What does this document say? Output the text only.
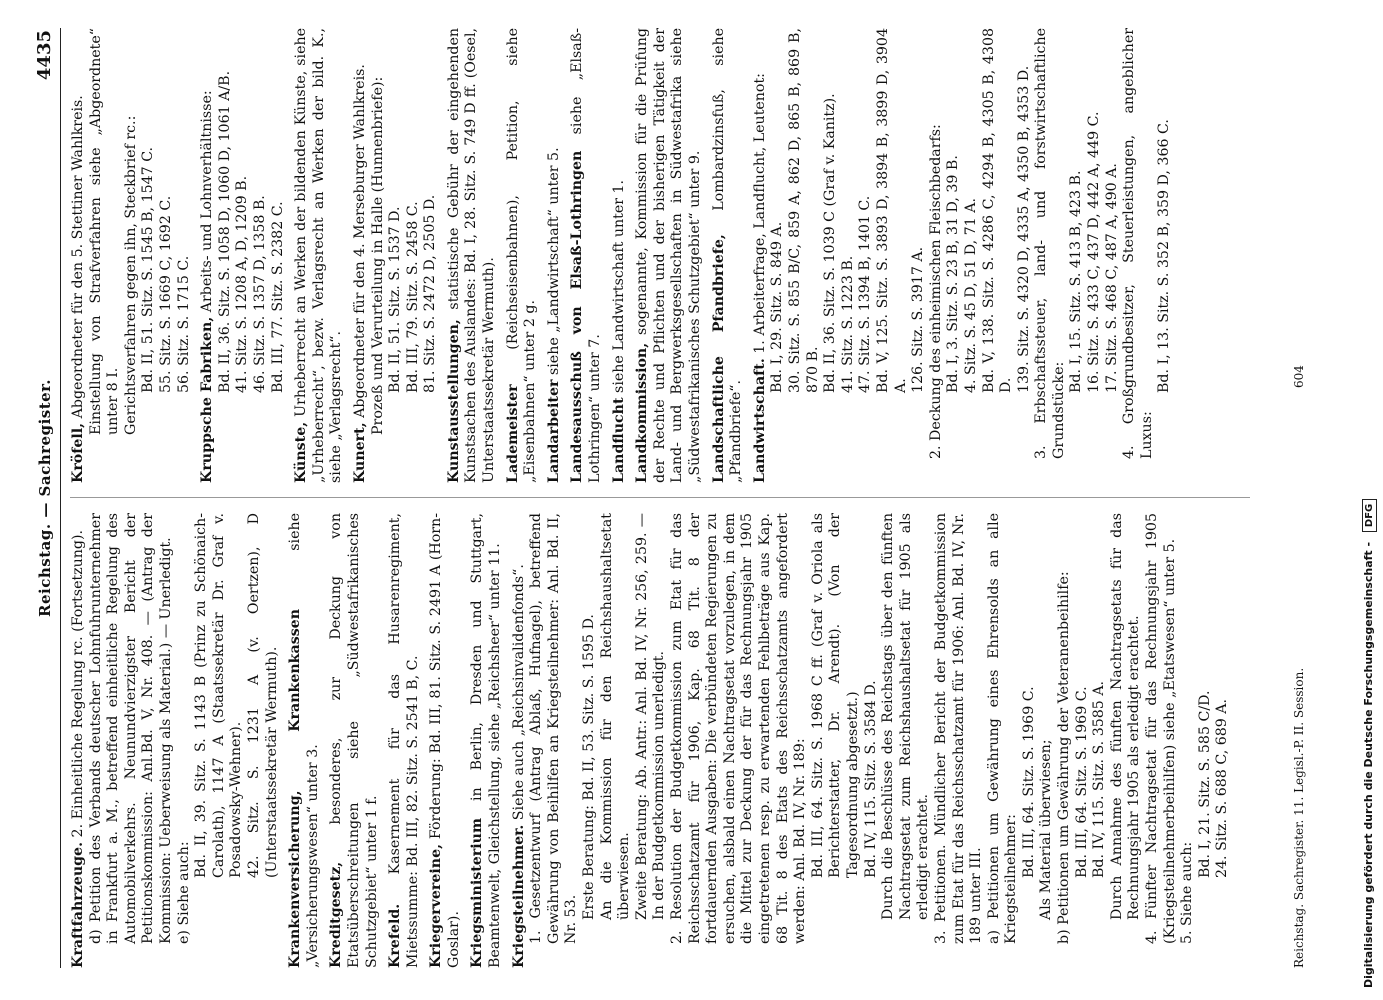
Reichstag. — Sachregister.
4435

Kraftfahrzeuge. 2. Einheitliche Regelung rc. (Fortsetzung). d) Petition des Verbands deutscher Lohnfuhrunternehmer in Frankfurt a. M., betreffend einheitliche Regelung des Automobilverkehrs. Neunundvierzigster Bericht der Petitionskommission: Anl.Bd. V, Nr. 408. — (Antrag der Kommission: Ueberweisung als Material.) — Unerledigt. e) Siehe auch:

Bd. II, 39. Sitz. S. 1143 B (Prinz zu Schönaich-Carolath), 1147 A (Staatssekretär Dr. Graf v. Posadowsky-Wehner). 42. Sitz. S. 1231 A (v. Oertzen), D (Unterstaatssekretär Wermuth). Krankenversicherung, Krankenkassen siehe „Versicherungswesen“ unter 3. Kreditgesetz, besonderes, zur Deckung von Etatsüberschreitungen siehe „Südwestafrikanisches Schutzgebiet“ unter 1 f. Krefeld. Kasernement für das Husarenregiment, Mietssumme: Bd. III, 82. Sitz. S. 2541 B, C. Kriegervereine, Förderung: Bd. III, 81. Sitz. S. 2491 A (Horn-Goslar). Kriegsministerium in Berlin, Dresden und Stuttgart, Beamtenwelt, Gleichstellung, siehe „Reichsheer“ unter 11. Kriegsteilnehmer. Siehe auch „Reichsinvalidenfonds“. 1. Gesetzentwurf (Antrag Ablaß, Hufnagel), betreffend Gewährung von Beihilfen an Kriegsteilnehmer: Anl. Bd. II, Nr. 53. Erste Beratung: Bd. II, 53. Sitz. S. 1595 D. An die Kommission für den Reichshaushaltsetat überwiesen. Zweite Beratung: Ab. Antr.: Anl. Bd. IV, Nr. 256, 259. — In der Budgetkommission unerledigt. 2. Resolution der Budgetkommission zum Etat für das Reichsschatzamt für 1906, Kap. 68 Tit. 8 der fortdauernden Ausgaben: Die verbündeten Regierungen zu ersuchen, alsbald einen Nachtragsetat vorzulegen, in dem die Mittel zur Deckung der für das Rechnungsjahr 1905 eingetretenen resp. zu erwartenden Fehlbeträge aus Kap. 68 Tit. 8 des Etats des Reichsschatzamts angefordert werden: Anl. Bd. IV, Nr. 189: Bd. III, 64. Sitz. S. 1968 C ff. (Graf v. Oriola als Berichterstatter, Dr. Arendt). (Von der Tagesordnung abgesetzt.) Bd. IV, 115. Sitz. S. 3584 D. Durch die Beschlüsse des Reichstags über den fünften Nachtragsetat zum Reichshaushaltsetat für 1905 als erledigt erachtet. 3. Petitionen. Mündlicher Bericht der Budgetkommission zum Etat für das Reichsschatzamt für 1906: Anl. Bd. IV, Nr. 189 unter III. a) Petitionen um Gewährung eines Ehrensolds an alle Kriegsteilnehmer:

Bd. III, 64. Sitz. S. 1969 C. Als Material überwiesen; b) Petitionen um Gewährung der Veteranenbeihilfe: Bd. III, 64. Sitz. S. 1969 C. Bd. IV, 115. Sitz. S. 3585 A. Durch Annahme des fünften Nachtragsetats für das Rechnungsjahr 1905 als erledigt erachtet. 4. Fünfter Nachtragsetat für das Rechnungsjahr 1905 (Kriegsteilnehmerbeihilfen) siehe „Etatswesen“ unter 5. 5. Siehe auch:

Bd. I, 21. Sitz. S. 585 C/D. 24. Sitz. S. 688 C, 689 A.

Kröfell, Abgeordneter für den 5. Stettiner Wahlkreis. Einstellung von Strafverfahren siehe „Abgeordnete“ unter 8 I. Gerichtsverfahren gegen ihn, Steckbrief rc.: Bd. II, 51. Sitz. S. 1545 B, 1547 C. 55. Sitz. S. 1669 C, 1692 C. 56. Sitz. S. 1715 C. Kruppsche Fabriken, Arbeits- und Lohnverhältnisse: Bd. II, 36. Sitz. S. 1058 D, 1060 D, 1061 A/B. 41. Sitz. S. 1208 A, D, 1209 B. 46. Sitz. S. 1357 D, 1358 B. Bd. III, 77. Sitz. S. 2382 C.

Künste, Urheberrecht an Werken der bildenden Künste, siehe „Urheberrecht“, bezw. Verlagsrecht an Werken der bild. K., siehe „Verlagsrecht“. Kunert, Abgeordneter für den 4. Merseburger Wahlkreis. Prozeß und Verurteilung in Halle (Hunnenbriefe): Bd. II, 51. Sitz. S. 1537 D. Bd. III, 79. Sitz. S. 2458 C. 81. Sitz. S. 2472 D, 2505 D.

Kunstausstellungen, statistische Gebühr der eingehenden Kunstsachen des Auslandes: Bd. I, 28. Sitz. S. 749 D ff. (Oesel, Unterstaatssekretär Wermuth). Lademeister (Reichseisenbahnen), Petition, siehe „Eisenbahnen“ unter 2 g. Landarbeiter siehe „Landwirtschaft“ unter 5. Landesausschuß von Elsaß-Lothringen siehe „Elsaß-Lothringen“ unter 7. Landflucht siehe Landwirtschaft unter 1.

Landkommission, sogenannte, Kommission für die Prüfung der Rechte und Pflichten und der bisherigen Tätigkeit der Land- und Bergwerksgesellschaften in Südwestafrika siehe „Südwestafrikanisches Schutzgebiet“ unter 9. Landschaftliche Pfandbriefe, Lombardzinsfuß, siehe „Pfandbriefe“. Landwirtschaft. 1. Arbeiterfrage, Landflucht, Leutenot: Bd. I, 29. Sitz. S. 849 A. 30. Sitz. S. 855 B/C, 859 A, 862 D, 865 B, 869 B, 870 B. Bd. II, 36. Sitz. S. 1039 C (Graf v. Kanitz). 41. Sitz. S. 1223 B. 47. Sitz. S. 1394 B, 1401 C. Bd. V, 125. Sitz. S. 3893 D, 3894 B, 3899 D, 3904 A. 126. Sitz. S. 3917 A. 2. Deckung des einheimischen Fleischbedarfs: Bd. I, 3. Sitz. S. 23 B, 31 D, 39 B. 4. Sitz. S. 45 D, 51 D, 71 A. Bd. V, 138. Sitz. S. 4286 C, 4294 B, 4305 B, 4308 D. 139. Sitz. S. 4320 D, 4335 A, 4350 B, 4353 D. 3. Erbschaftssteuer, land- und forstwirtschaftliche Grundstücke:

Bd. I, 15. Sitz. S. 413 B, 423 B. 16. Sitz. S. 433 C, 437 D, 442 A, 449 C. 17. Sitz. S. 468 C, 487 A, 490 A. 4. Großgrundbesitzer, Steuerleistungen, angeblicher Luxus:

Bd. I, 13. Sitz. S. 352 B, 359 D, 366 C.

Reichstag. Sachregister. 11. Legisl.-P. II. Session.
604
Digitalisierung gefördert durch die Deutsche Forschungsgemeinschaft - DFG
